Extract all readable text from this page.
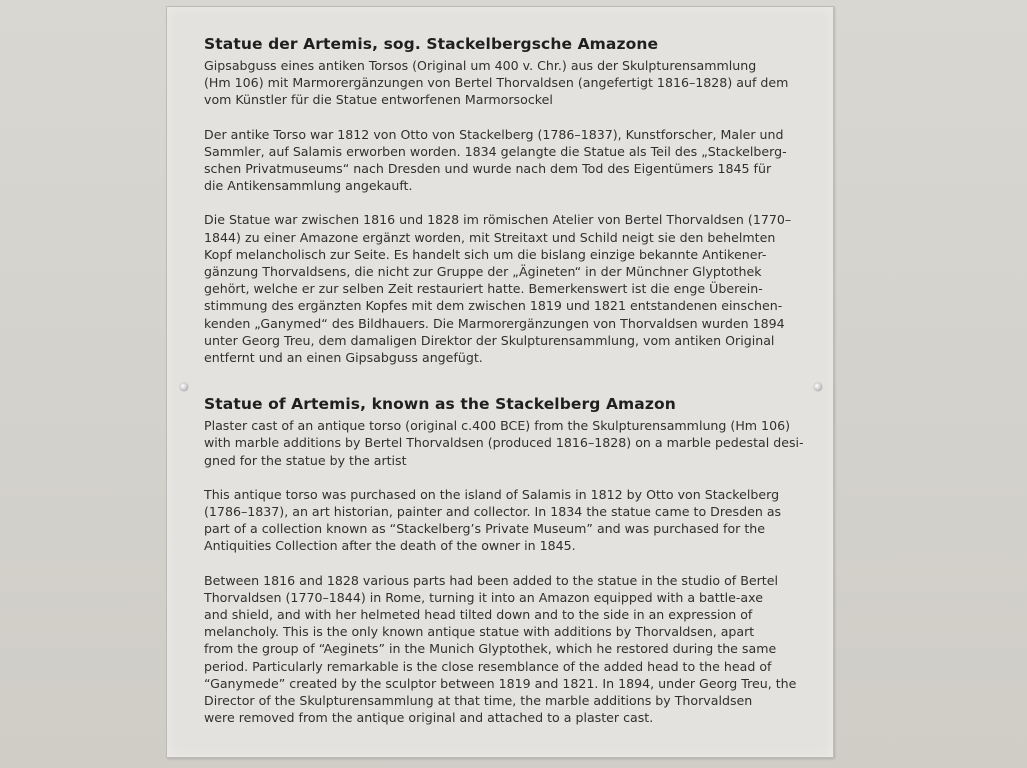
Statue der Artemis, sog. Stackelbergsche Amazone

Gipsabguss eines antiken Torsos (Original um 400 v. Chr.) aus der Skulpturensammlung
(Hm 106) mit Marmorergänzungen von Bertel Thorvaldsen (angefertigt 1816–1828) auf dem
vom Künstler für die Statue entworfenen Marmorsockel

Der antike Torso war 1812 von Otto von Stackelberg (1786–1837), Kunstforscher, Maler und
Sammler, auf Salamis erworben worden. 1834 gelangte die Statue als Teil des „Stackelberg-
schen Privatmuseums“ nach Dresden und wurde nach dem Tod des Eigentümers 1845 für
die Antikensammlung angekauft.

Die Statue war zwischen 1816 und 1828 im römischen Atelier von Bertel Thorvaldsen (1770–
1844) zu einer Amazone ergänzt worden, mit Streitaxt und Schild neigt sie den behelmten
Kopf melancholisch zur Seite. Es handelt sich um die bislang einzige bekannte Antikener-
gänzung Thorvaldsens, die nicht zur Gruppe der „Ägineten“ in der Münchner Glyptothek
gehört, welche er zur selben Zeit restauriert hatte. Bemerkenswert ist die enge Überein-
stimmung des ergänzten Kopfes mit dem zwischen 1819 und 1821 entstandenen einschen-
kenden „Ganymed“ des Bildhauers. Die Marmorergänzungen von Thorvaldsen wurden 1894
unter Georg Treu, dem damaligen Direktor der Skulpturensammlung, vom antiken Original
entfernt und an einen Gipsabguss angefügt.

Statue of Artemis, known as the Stackelberg Amazon

Plaster cast of an antique torso (original c.400 BCE) from the Skulpturensammlung (Hm 106)
with marble additions by Bertel Thorvaldsen (produced 1816–1828) on a marble pedestal desi-
gned for the statue by the artist

This antique torso was purchased on the island of Salamis in 1812 by Otto von Stackelberg
(1786–1837), an art historian, painter and collector. In 1834 the statue came to Dresden as
part of a collection known as “Stackelberg’s Private Museum” and was purchased for the
Antiquities Collection after the death of the owner in 1845.

Between 1816 and 1828 various parts had been added to the statue in the studio of Bertel
Thorvaldsen (1770–1844) in Rome, turning it into an Amazon equipped with a battle-axe
and shield, and with her helmeted head tilted down and to the side in an expression of
melancholy. This is the only known antique statue with additions by Thorvaldsen, apart
from the group of “Aeginets” in the Munich Glyptothek, which he restored during the same
period. Particularly remarkable is the close resemblance of the added head to the head of
“Ganymede” created by the sculptor between 1819 and 1821. In 1894, under Georg Treu, the
Director of the Skulpturensammlung at that time, the marble additions by Thorvaldsen
were removed from the antique original and attached to a plaster cast.
